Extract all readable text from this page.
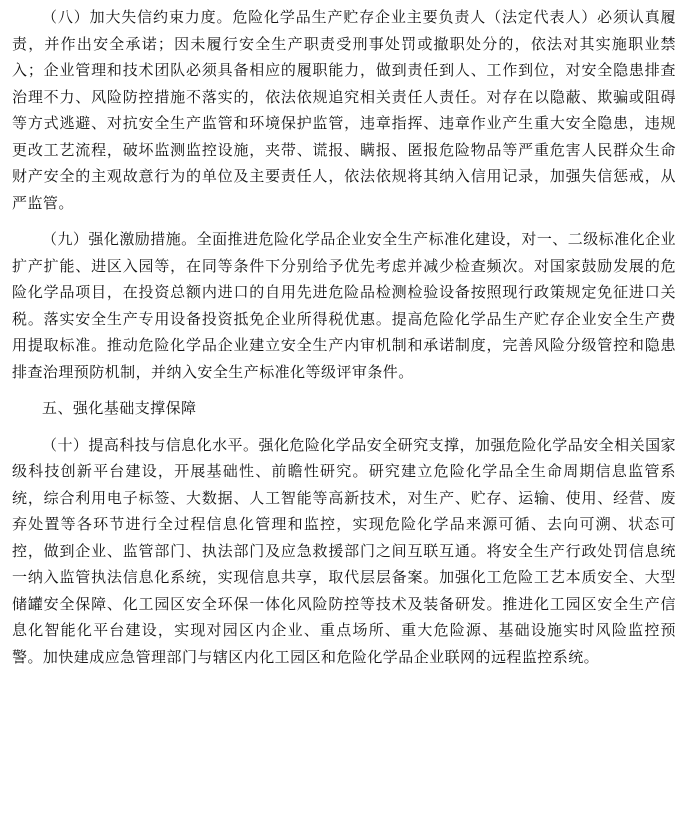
（八）加大失信约束力度。危险化学品生产贮存企业主要负责人（法定代表人）必须认真履责，并作出安全承诺；因未履行安全生产职责受刑事处罚或撤职处分的，依法对其实施职业禁入；企业管理和技术团队必须具备相应的履职能力，做到责任到人、工作到位，对安全隐患排查治理不力、风险防控措施不落实的，依法依规追究相关责任人责任。对存在以隐蔽、欺骗或阻碍等方式逃避、对抗安全生产监管和环境保护监管，违章指挥、违章作业产生重大安全隐患，违规更改工艺流程，破坏监测监控设施，夹带、谎报、瞒报、匿报危险物品等严重危害人民群众生命财产安全的主观故意行为的单位及主要责任人，依法依规将其纳入信用记录，加强失信惩戒，从严监管。

（九）强化激励措施。全面推进危险化学品企业安全生产标准化建设，对一、二级标准化企业扩产扩能、进区入园等，在同等条件下分别给予优先考虑并减少检查频次。对国家鼓励发展的危险化学品项目，在投资总额内进口的自用先进危险品检测检验设备按照现行政策规定免征进口关税。落实安全生产专用设备投资抵免企业所得税优惠。提高危险化学品生产贮存企业安全生产费用提取标准。推动危险化学品企业建立安全生产内审机制和承诺制度，完善风险分级管控和隐患排查治理预防机制，并纳入安全生产标准化等级评审条件。

五、强化基础支撑保障

（十）提高科技与信息化水平。强化危险化学品安全研究支撑，加强危险化学品安全相关国家级科技创新平台建设，开展基础性、前瞻性研究。研究建立危险化学品全生命周期信息监管系统，综合利用电子标签、大数据、人工智能等高新技术，对生产、贮存、运输、使用、经营、废弃处置等各环节进行全过程信息化管理和监控，实现危险化学品来源可循、去向可溯、状态可控，做到企业、监管部门、执法部门及应急救援部门之间互联互通。将安全生产行政处罚信息统一纳入监管执法信息化系统，实现信息共享，取代层层备案。加强化工危险工艺本质安全、大型储罐安全保障、化工园区安全环保一体化风险防控等技术及装备研发。推进化工园区安全生产信息化智能化平台建设，实现对园区内企业、重点场所、重大危险源、基础设施实时风险监控预警。加快建成应急管理部门与辖区内化工园区和危险化学品企业联网的远程监控系统。
